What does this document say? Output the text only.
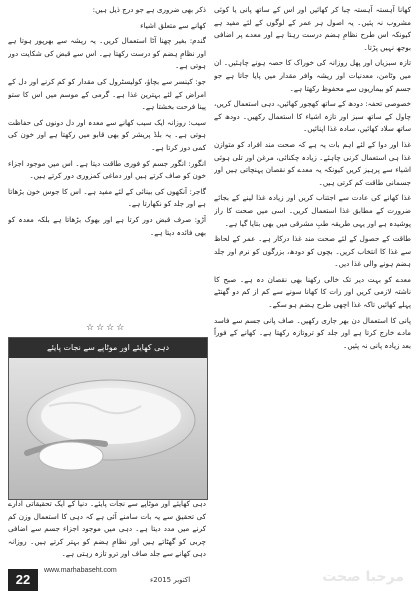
کھانا آہستہ آہستہ چبا کر کھائیں اور اس کے ساتھ پانی یا کوئی مشروب نہ پئیں۔ یہ اصول ہر عمر کے لوگوں کے لئے مفید ہے کیونکہ اس طرح نظامِ ہضم درست رہتا ہے اور معدے پر اضافی بوجھ نہیں پڑتا۔

تازہ سبزیاں اور پھل روزانہ کی خوراک کا حصہ ہونے چاہئیں۔ ان میں وٹامن، معدنیات اور ریشہ وافر مقدار میں پایا جاتا ہے جو جسم کو بیماریوں سے محفوظ رکھتا ہے۔

خصوصی تحفہ: دودھ کے ساتھ کھجور کھائیں، دہی استعمال کریں، چاول کے ساتھ سبز اور تازہ اشیاء کا استعمال رکھیں۔ دودھ کے ساتھ سلاد کھائیں، سادہ غذا اپنائیں۔

غذا اور دوا کے لئے اہم بات یہ ہے کہ صحت مند افراد کو متوازن غذا ہی استعمال کرنی چاہئے۔ زیادہ چکنائی، مرغن اور تلی ہوئی اشیاء سے پرہیز کریں کیونکہ یہ معدے کو نقصان پہنچاتی ہیں اور جسمانی طاقت کم کرتی ہیں۔

غذا کھانے کی عادت سے اجتناب کریں اور زیادہ غذا لینے کے بجائے ضرورت کے مطابق غذا استعمال کریں۔ اسی میں صحت کا راز پوشیدہ ہے اور یہی طریقہ طبِ مشرقی میں بھی بتایا گیا ہے۔

طاقت کے حصول کے لئے صحت مند غذا درکار ہے۔ عمر کے لحاظ سے غذا کا انتخاب کریں۔ بچوں کو دودھ، بزرگوں کو نرم اور جلد ہضم ہونے والی غذا دیں۔

معدے کو بہت دیر تک خالی رکھنا بھی نقصان دہ ہے۔ صبح کا ناشتہ لازمی کریں اور رات کا کھانا سونے سے کم از کم دو گھنٹے پہلے کھائیں تاکہ غذا اچھی طرح ہضم ہو سکے۔

پانی کا استعمال دن بھر جاری رکھیں۔ صاف پانی جسم سے فاسد مادے خارج کرتا ہے اور جلد کو تروتازہ رکھتا ہے۔ کھانے کے فوراً بعد زیادہ پانی نہ پئیں۔

ذکر بھی ضروری ہے جو درج ذیل ہیں:

کھانے سے متعلق اشیاء

گندم: بغیر چھنا آٹا استعمال کریں۔ یہ ریشہ سے بھرپور ہوتا ہے اور نظامِ ہضم کو درست رکھتا ہے۔ اس سے قبض کی شکایت دور ہوتی ہے۔

جو: کینسر سے بچاؤ، کولیسٹرول کی مقدار کو کم کرنے اور دل کے امراض کے لئے بہترین غذا ہے۔ گرمی کے موسم میں اس کا ستو پینا فرحت بخشتا ہے۔

سیب: روزانہ ایک سیب کھانے سے معدہ اور دل دونوں کی حفاظت ہوتی ہے۔ یہ بلڈ پریشر کو بھی قابو میں رکھتا ہے اور خون کی کمی دور کرتا ہے۔

انگور: انگور جسم کو فوری طاقت دیتا ہے۔ اس میں موجود اجزاء خون کو صاف کرتے ہیں اور دماغی کمزوری دور کرتے ہیں۔

گاجر: آنکھوں کی بینائی کے لئے مفید ہے۔ اس کا جوس خون بڑھاتا ہے اور جلد کو نکھارتا ہے۔

آڑو: صرف قبض دور کرتا ہے اور بھوک بڑھاتا ہے بلکہ معدہ کو بھی فائدہ دیتا ہے۔

☆☆☆☆
دہی کھایئے اور موٹاپے سے نجات پایئے

دہی کھایئے اور موٹاپے سے نجات پایئے۔ دنیا کے ایک تحقیقاتی ادارے کی تحقیق سے یہ بات سامنے آئی ہے کہ دہی کا استعمال وزن کم کرنے میں مدد دیتا ہے۔ دہی میں موجود اجزاء جسم سے اضافی چربی کو گھٹاتے ہیں اور نظامِ ہضم کو بہتر کرتے ہیں۔ روزانہ دہی کھانے سے جلد صاف اور ترو تازہ رہتی ہے۔

22
www.marhabaseht.com
اکتوبر 2015ء	مرحبا صحت
